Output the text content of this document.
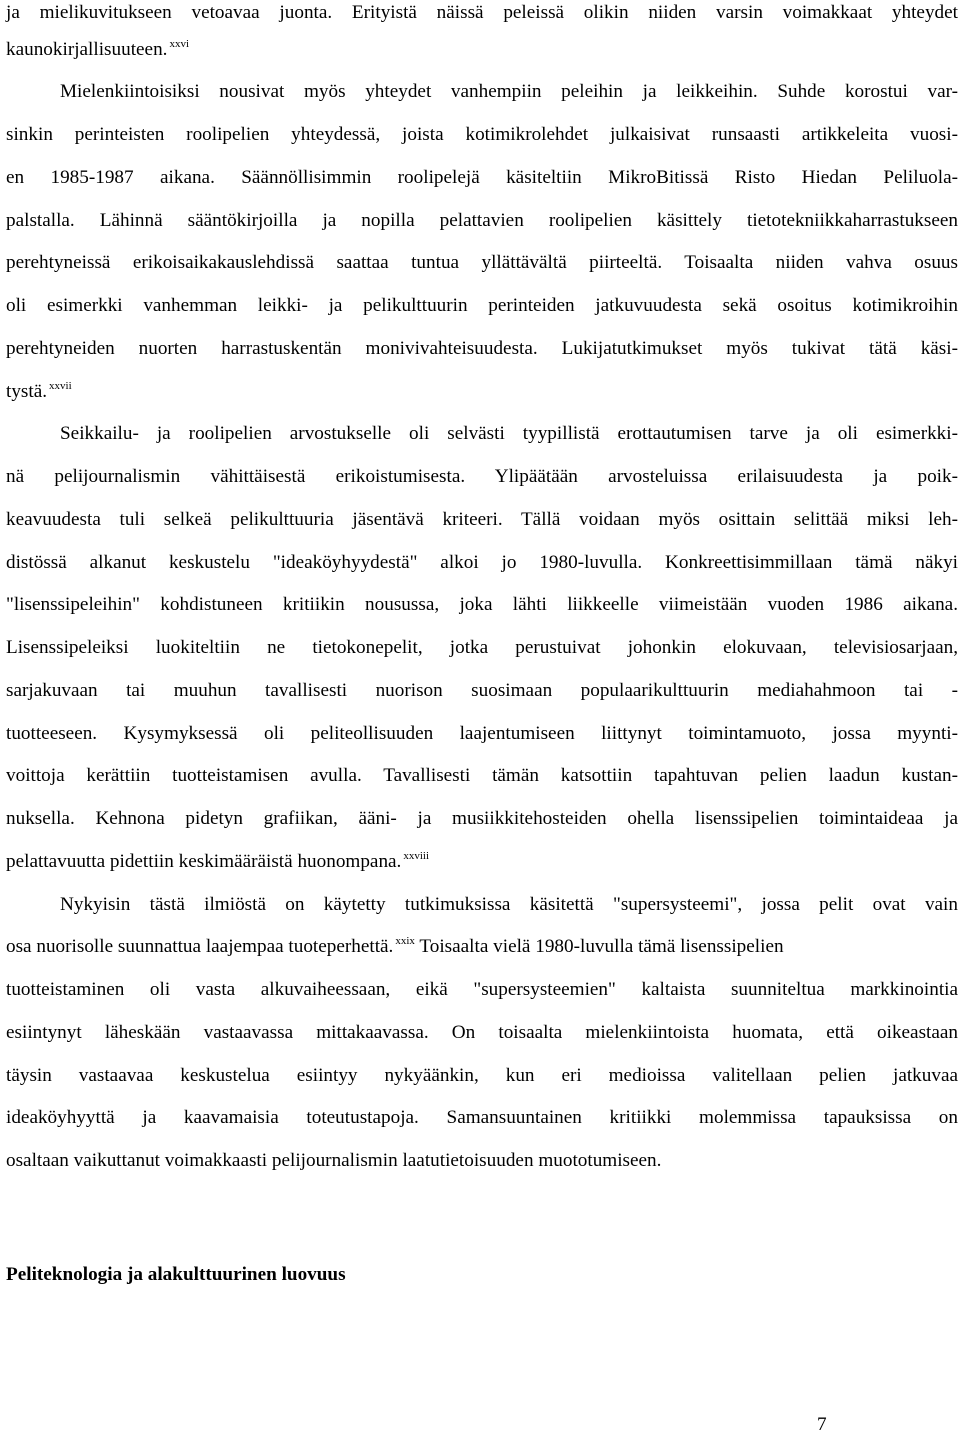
ja mielikuvitukseen vetoavaa juonta. Erityistä näissä peleissä olikin niiden varsin voimakkaat yhteydet
kaunokirjallisuuteen. $^{xxvi}$
Mielenkiintoisiksi nousivat myös yhteydet vanhempiin peleihin ja leikkeihin. Suhde korostui var-
sinkin perinteisten roolipelien yhteydessä, joista kotimikrolehdet julkaisivat runsaasti artikkeleita vuosi-
en 1985-1987 aikana. Säännöllisimmin roolipelejä käsiteltiin MikroBitissä Risto Hiedan Peliluola-
palstalla. Lähinnä sääntökirjoilla ja nopilla pelattavien roolipelien käsittely tietotekniikkaharrastukseen
perehtyneissä erikoisaikakauslehdissä saattaa tuntua yllättävältä piirteeltä. Toisaalta niiden vahva osuus
oli esimerkki vanhemman leikki- ja pelikulttuurin perinteiden jatkuvuudesta sekä osoitus kotimikroihin
perehtyneiden nuorten harrastuskentän monivivahteisuudesta. Lukijatutkimukset myös tukivat tätä käsi-
tystä. $^{xxvii}$
Seikkailu- ja roolipelien arvostukselle oli selvästi tyypillistä erottautumisen tarve ja oli esimerkki-
nä pelijournalismin vähittäisestä erikoistumisesta. Ylipäätään arvosteluissa erilaisuudesta ja poik-
keavuudesta tuli selkeä pelikulttuuria jäsentävä kriteeri. Tällä voidaan myös osittain selittää miksi leh-
distössä alkanut keskustelu "ideaköyhyydestä" alkoi jo 1980-luvulla. Konkreettisimmillaan tämä näkyi
"lisenssipeleihin" kohdistuneen kritiikin nousussa, joka lähti liikkeelle viimeistään vuoden 1986 aikana.
Lisenssipeleiksi luokiteltiin ne tietokonepelit, jotka perustuivat johonkin elokuvaan, televisiosarjaan,
sarjakuvaan tai muuhun tavallisesti nuorison suosimaan populaarikulttuurin mediahahmoon tai -
tuotteeseen. Kysymyksessä oli peliteollisuuden laajentumiseen liittynyt toimintamuoto, jossa myynti-
voittoja kerättiin tuotteistamisen avulla. Tavallisesti tämän katsottiin tapahtuvan pelien laadun kustan-
nuksella. Kehnona pidetyn grafiikan, ääni- ja musiikkitehosteiden ohella lisenssipelien toimintaideaa ja
pelattavuutta pidettiin keskimääräistä huonompana. $^{xxviii}$
Nykyisin tästä ilmiöstä on käytetty tutkimuksissa käsitettä "supersysteemi", jossa pelit ovat vain
osa nuorisolle suunnattua laajempaa tuoteperhettä. $^{xxix}$ Toisaalta vielä 1980-luvulla tämä lisenssipelien
tuotteistaminen oli vasta alkuvaiheessaan, eikä "supersysteemien" kaltaista suunniteltua markkinointia
esiintynyt läheskään vastaavassa mittakaavassa. On toisaalta mielenkiintoista huomata, että oikeastaan
täysin vastaavaa keskustelua esiintyy nykyäänkin, kun eri medioissa valitellaan pelien jatkuvaa
ideaköyhyyttä ja kaavamaisia toteutustapoja. Samansuuntainen kritiikki molemmissa tapauksissa on
osaltaan vaikuttanut voimakkaasti pelijournalismin laatutietoisuuden muototumiseen.
Peliteknologia ja alakulttuurinen luovuus
7
